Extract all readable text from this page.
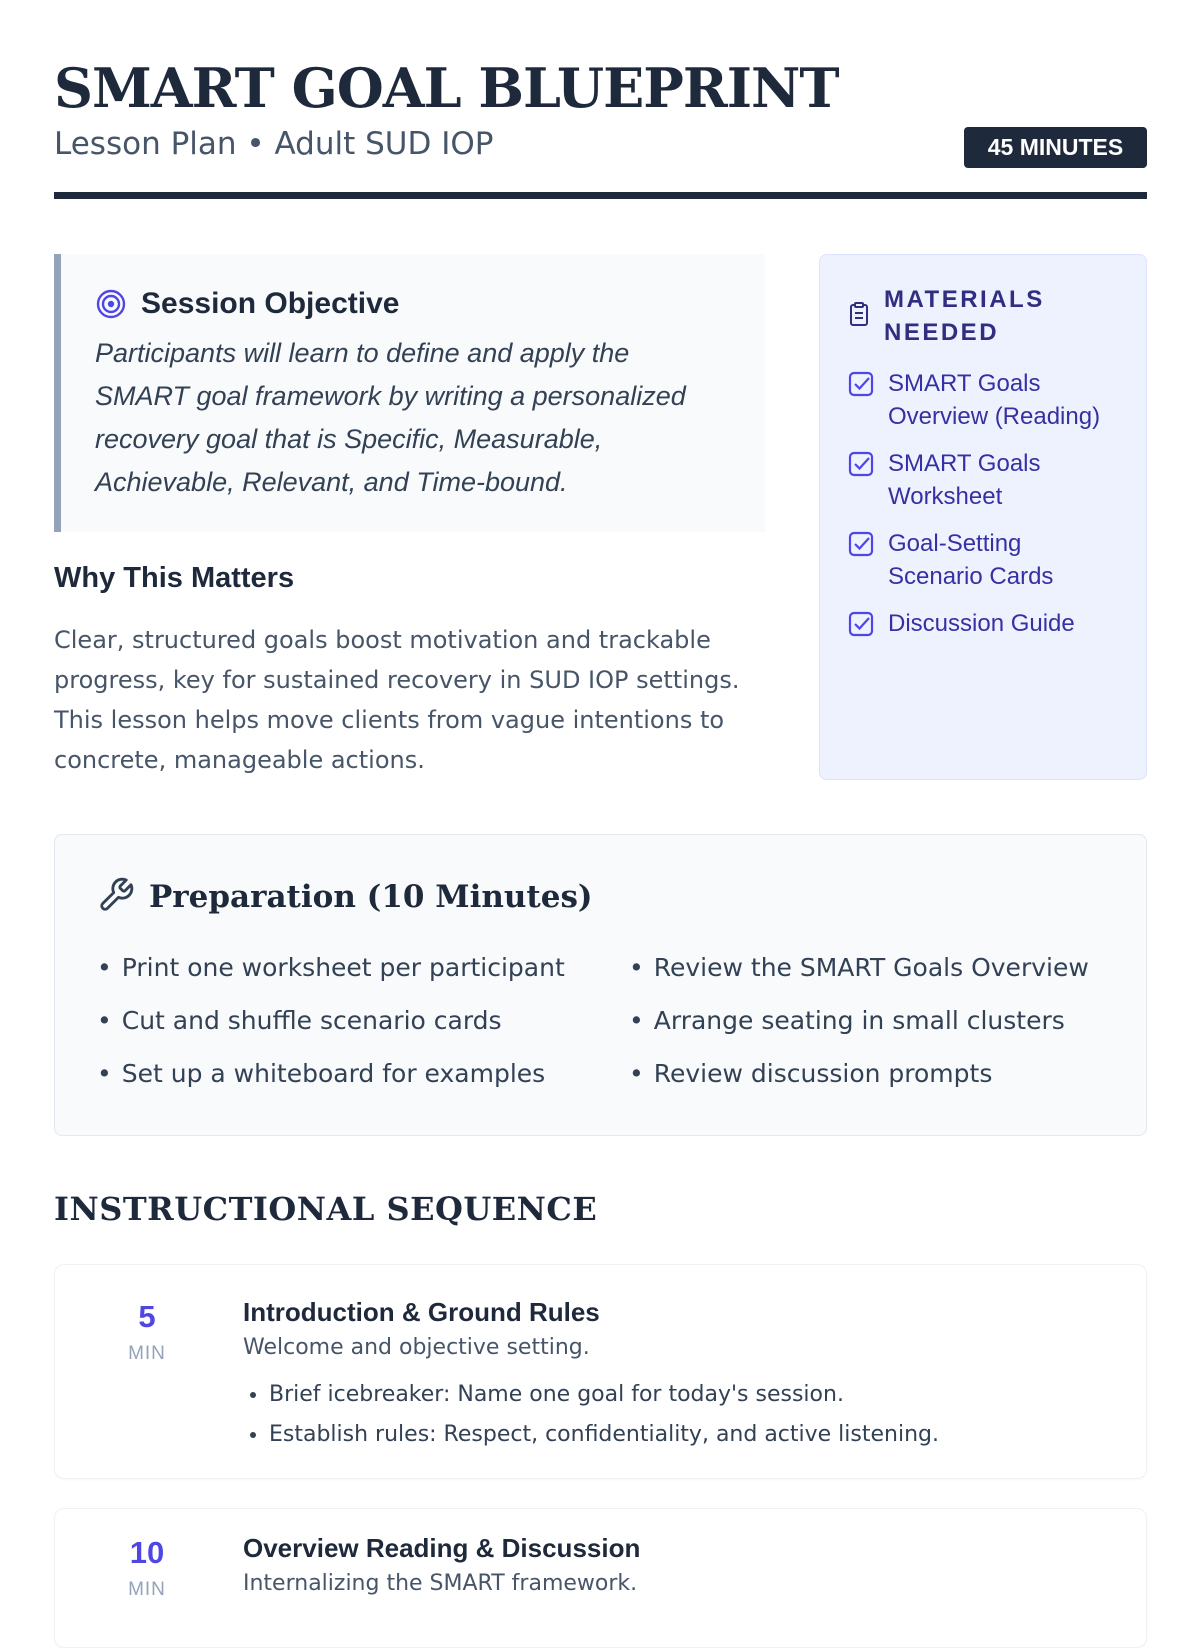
SMART GOAL BLUEPRINT
Lesson Plan • Adult SUD IOP	45 MINUTES
Session Objective
Participants will learn to define and apply the SMART goal framework by writing a personalized recovery goal that is Specific, Measurable, Achievable, Relevant, and Time-bound.
Why This Matters

Clear, structured goals boost motivation and trackable progress, key for sustained recovery in SUD IOP settings. This lesson helps move clients from vague intentions to concrete, manageable actions.

MATERIALS NEEDED
SMART Goals Overview (Reading)
SMART Goals Worksheet
Goal-Setting Scenario Cards
Discussion Guide
Preparation (10 Minutes)
• Print one worksheet per participant	• Review the SMART Goals Overview
• Cut and shuffle scenario cards	• Arrange seating in small clusters
• Set up a whiteboard for examples	• Review discussion prompts
INSTRUCTIONAL SEQUENCE
5
MIN
Introduction & Ground Rules
Welcome and objective setting.
• Brief icebreaker: Name one goal for today's session.
• Establish rules: Respect, confidentiality, and active listening.
10
MIN
Overview Reading & Discussion
Internalizing the SMART framework.
